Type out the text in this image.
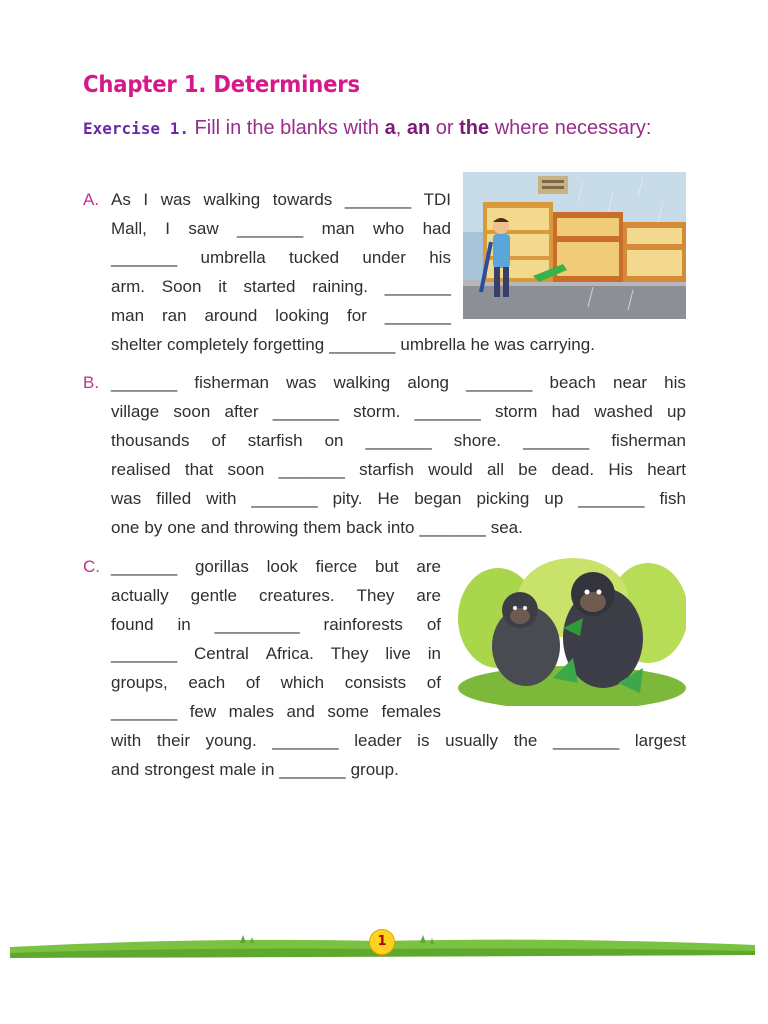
Chapter 1. Determiners
Exercise 1. Fill in the blanks with a, an or the where necessary:
A. As I was walking towards _______ TDI
Mall, I saw _______ man who had
_______ umbrella tucked under his
arm. Soon it started raining. _______
man ran around looking for _______
shelter completely forgetting _______ umbrella he was carrying.
B. _______ fisherman was walking along _______ beach near his
village soon after _______ storm. _______ storm had washed up
thousands of starfish on _______ shore. _______ fisherman
realised that soon _______ starfish would all be dead. His heart
was filled with _______ pity. He began picking up _______ fish
one by one and throwing them back into _______ sea.
C. _______ gorillas look fierce but are
actually gentle creatures. They are
found in _________ rainforests of
_______ Central Africa. They live in
groups, each of which consists of
_______ few males and some females
with their young. _______ leader is usually the _______ largest
and strongest male in _______ group.
1
